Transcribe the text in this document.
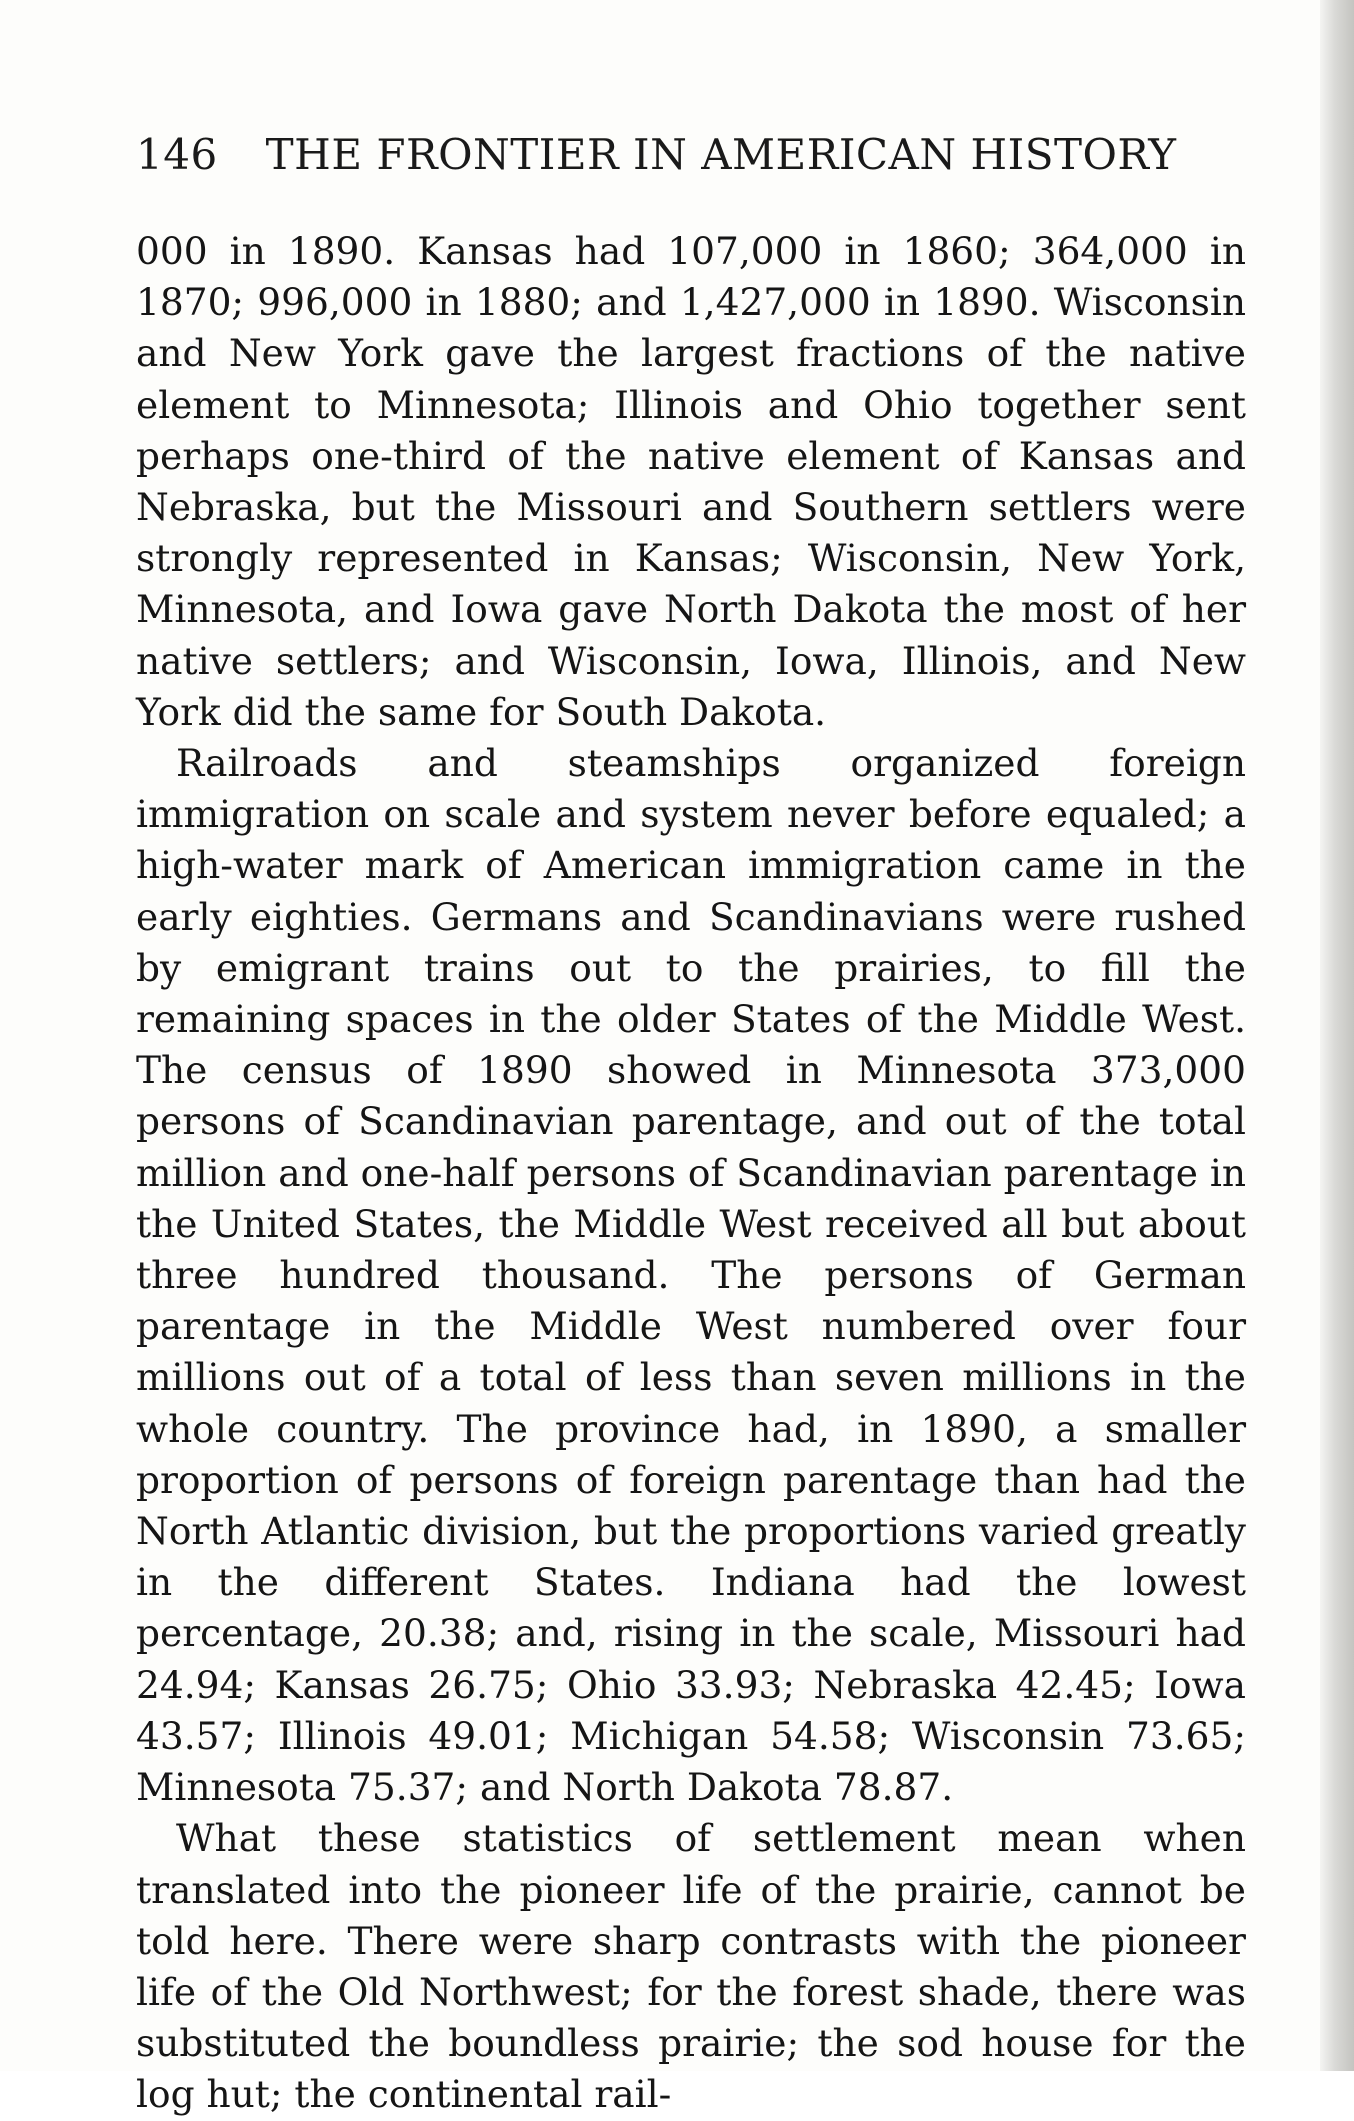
146 THE FRONTIER IN AMERICAN HISTORY

000 in 1890. Kansas had 107,000 in 1860; 364,000 in 1870; 996,000 in 1880; and 1,427,000 in 1890. Wisconsin and New York gave the largest fractions of the native element to Minnesota; Illinois and Ohio together sent perhaps one-third of the native element of Kansas and Nebraska, but the Missouri and Southern settlers were strongly represented in Kansas; Wisconsin, New York, Minnesota, and Iowa gave North Dakota the most of her native settlers; and Wisconsin, Iowa, Illinois, and New York did the same for South Dakota.

Railroads and steamships organized foreign immigration on scale and system never before equaled; a high-water mark of American immigration came in the early eighties. Germans and Scandinavians were rushed by emigrant trains out to the prairies, to fill the remaining spaces in the older States of the Middle West. The census of 1890 showed in Minnesota 373,000 persons of Scandinavian parentage, and out of the total million and one-half persons of Scandinavian parentage in the United States, the Middle West received all but about three hundred thousand. The persons of German parentage in the Middle West numbered over four millions out of a total of less than seven millions in the whole country. The province had, in 1890, a smaller proportion of persons of foreign parentage than had the North Atlantic division, but the proportions varied greatly in the different States. Indiana had the lowest percentage, 20.38; and, rising in the scale, Missouri had 24.94; Kansas 26.75; Ohio 33.93; Nebraska 42.45; Iowa 43.57; Illinois 49.01; Michigan 54.58; Wisconsin 73.65; Minnesota 75.37; and North Dakota 78.87.

What these statistics of settlement mean when translated into the pioneer life of the prairie, cannot be told here. There were sharp contrasts with the pioneer life of the Old Northwest; for the forest shade, there was substituted the boundless prairie; the sod house for the log hut; the continental rail-
